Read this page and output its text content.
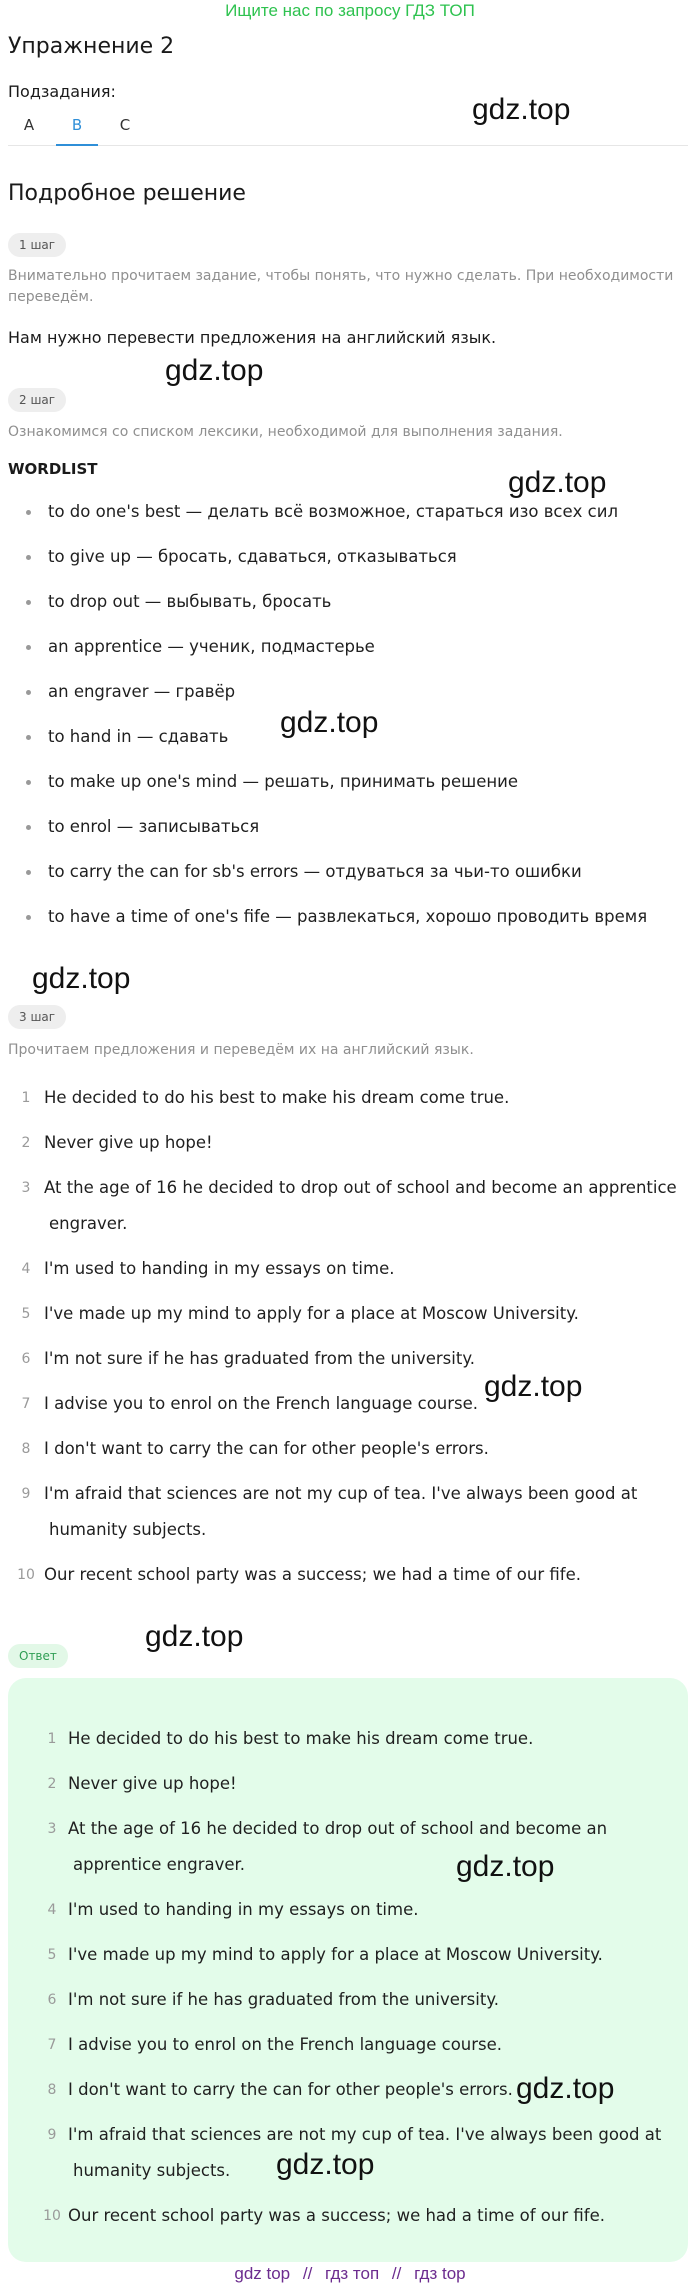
Ищите нас по запросу ГДЗ ТОП
Упражнение 2
Подзадания:
A	B	C
Подробное решение
1 шаг
Внимательно прочитаем задание, чтобы понять, что нужно сделать. При необходимости переведём.
Нам нужно перевести предложения на английский язык.
2 шаг
Ознакомимся со списком лексики, необходимой для выполнения задания.
WORDLIST
to do one's best — делать всё возможное, стараться изо всех сил
to give up — бросать, сдаваться, отказываться
to drop out — выбывать, бросать
an apprentice — ученик, подмастерье
an engraver — гравёр
to hand in — сдавать
to make up one's mind — решать, принимать решение
to enrol — записываться
to carry the can for sb's errors — отдуваться за чьи-то ошибки
to have a time of one's fife — развлекаться, хорошо проводить время
3 шаг
Прочитаем предложения и переведём их на английский язык.
1 He decided to do his best to make his dream come true.
2 Never give up hope!
3 At the age of 16 he decided to drop out of school and become an apprentice
engraver.
4 I'm used to handing in my essays on time.
5 I've made up my mind to apply for a place at Moscow University.
6 I'm not sure if he has graduated from the university.
7 I advise you to enrol on the French language course.
8 I don't want to carry the can for other people's errors.
9 I'm afraid that sciences are not my cup of tea. I've always been good at
humanity subjects.
10 Our recent school party was a success; we had a time of our fife.
Ответ
1 He decided to do his best to make his dream come true.
2 Never give up hope!
3 At the age of 16 he decided to drop out of school and become an
apprentice engraver.
4 I'm used to handing in my essays on time.
5 I've made up my mind to apply for a place at Moscow University.
6 I'm not sure if he has graduated from the university.
7 I advise you to enrol on the French language course.
8 I don't want to carry the can for other people's errors.
9 I'm afraid that sciences are not my cup of tea. I've always been good at
humanity subjects.
10 Our recent school party was a success; we had a time of our fife.
gdz.top
gdz.top
gdz.top
gdz.top
gdz.top
gdz.top
gdz.top
gdz.top
gdz.top
gdz.top
gdz top // гдз топ // гдз top
